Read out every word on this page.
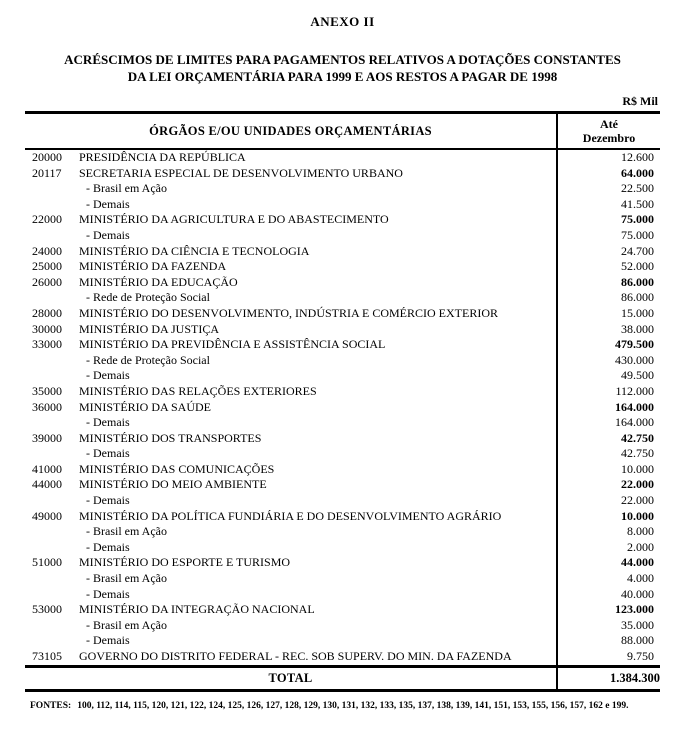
ANEXO II
ACRÉSCIMOS DE LIMITES PARA PAGAMENTOS RELATIVOS A DOTAÇÕES CONSTANTES
DA LEI ORÇAMENTÁRIA PARA 1999 E AOS RESTOS A PAGAR DE 1998
R$ Mil
ÓRGÃOS E/OU UNIDADES ORÇAMENTÁRIAS		Até
Dezembro

20000	PRESIDÊNCIA DA REPÚBLICA	12.600
20117	SECRETARIA ESPECIAL DE DESENVOLVIMENTO URBANO	64.000
	- Brasil em Ação	22.500
	- Demais	41.500
22000	MINISTÉRIO DA AGRICULTURA E DO ABASTECIMENTO	75.000
	- Demais	75.000
24000	MINISTÉRIO DA CIÊNCIA E TECNOLOGIA	24.700
25000	MINISTÉRIO DA FAZENDA	52.000
26000	MINISTÉRIO DA EDUCAÇÃO	86.000
	- Rede de Proteção Social	86.000
28000	MINISTÉRIO DO DESENVOLVIMENTO, INDÚSTRIA E COMÉRCIO EXTERIOR	15.000
30000	MINISTÉRIO DA JUSTIÇA	38.000
33000	MINISTÉRIO DA PREVIDÊNCIA E ASSISTÊNCIA SOCIAL	479.500
	- Rede de Proteção Social	430.000
	- Demais	49.500
35000	MINISTÉRIO DAS RELAÇÕES EXTERIORES	112.000
36000	MINISTÉRIO DA SAÚDE	164.000
	- Demais	164.000
39000	MINISTÉRIO DOS TRANSPORTES	42.750
	- Demais	42.750
41000	MINISTÉRIO DAS COMUNICAÇÕES	10.000
44000	MINISTÉRIO DO MEIO AMBIENTE	22.000
	- Demais	22.000
49000	MINISTÉRIO DA POLÍTICA FUNDIÁRIA E DO DESENVOLVIMENTO AGRÁRIO	10.000
	- Brasil em Ação	8.000
	- Demais	2.000
51000	MINISTÉRIO DO ESPORTE E TURISMO	44.000
	- Brasil em Ação	4.000
	- Demais	40.000
53000	MINISTÉRIO DA INTEGRAÇÃO NACIONAL	123.000
	- Brasil em Ação	35.000
	- Demais	88.000
73105	GOVERNO DO DISTRITO FEDERAL - REC. SOB SUPERV. DO MIN. DA FAZENDA	9.750
TOTAL		1.384.300
FONTES: 100, 112, 114, 115, 120, 121, 122, 124, 125, 126, 127, 128, 129, 130, 131, 132, 133, 135, 137, 138, 139, 141, 151, 153, 155, 156, 157, 162 e 199.
